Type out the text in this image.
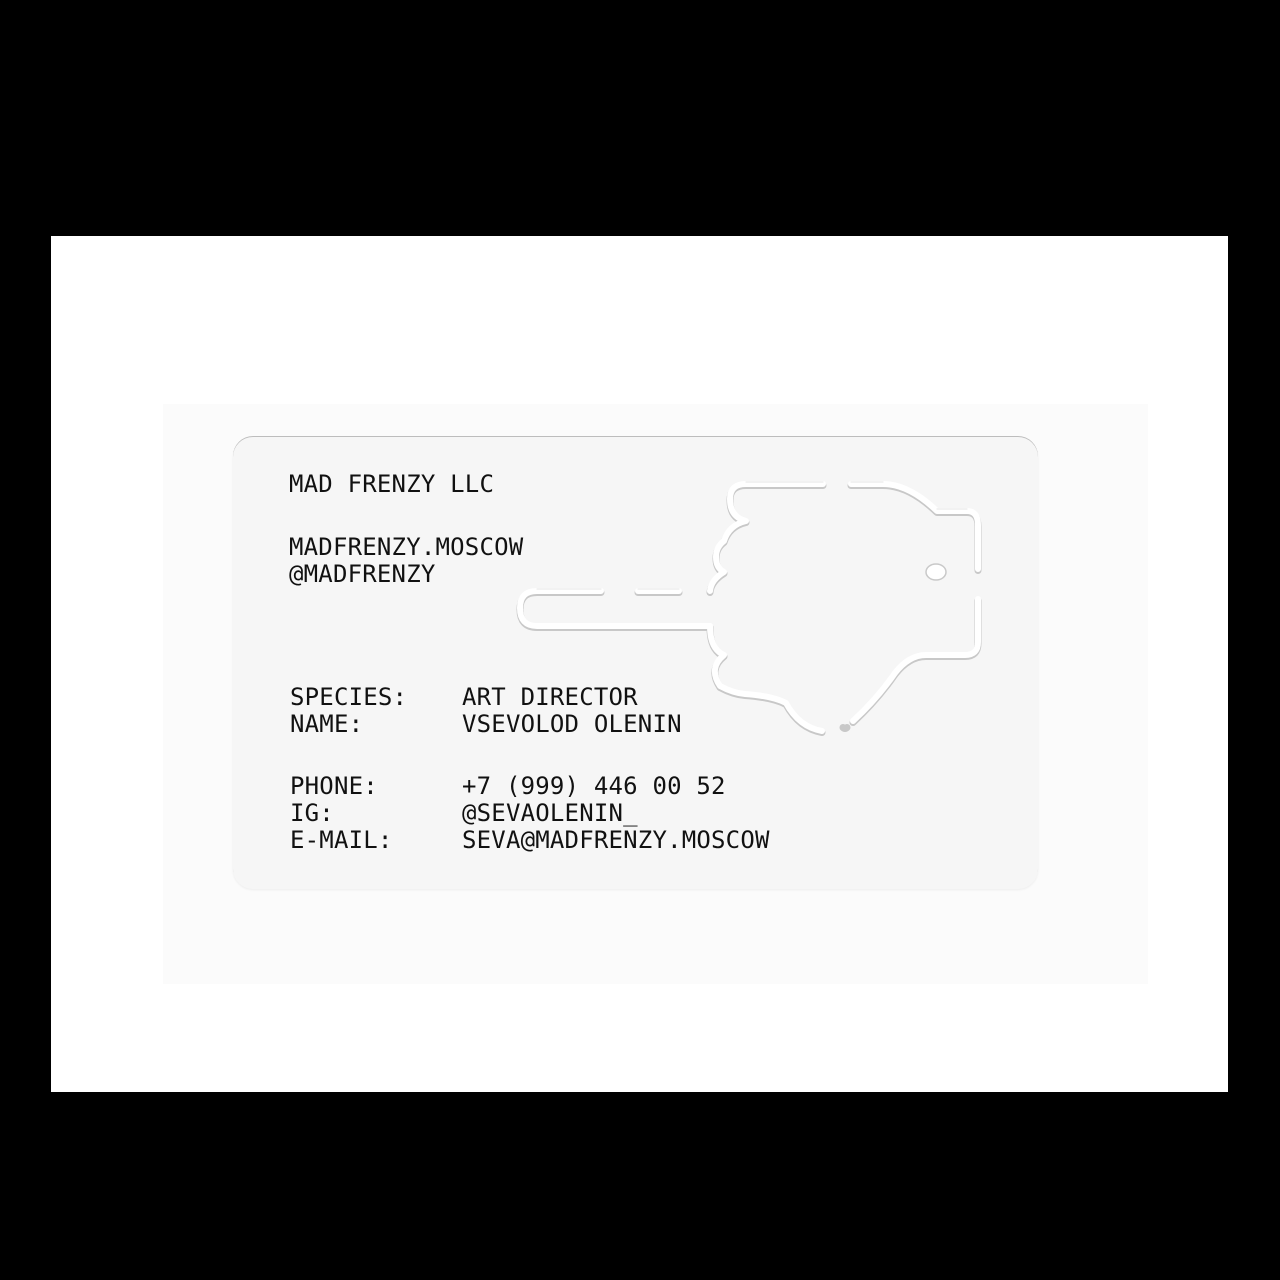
MAD FRENZY LLC
MADFRENZY.MOSCOW
@MADFRENZY
SPECIES: ART DIRECTOR
NAME:	VSEVOLOD OLENIN
PHONE:	+7 (999) 446 00 52
IG:	@SEVAOLENIN_
E-MAIL:	SEVA@MADFRENZY.MOSCOW
